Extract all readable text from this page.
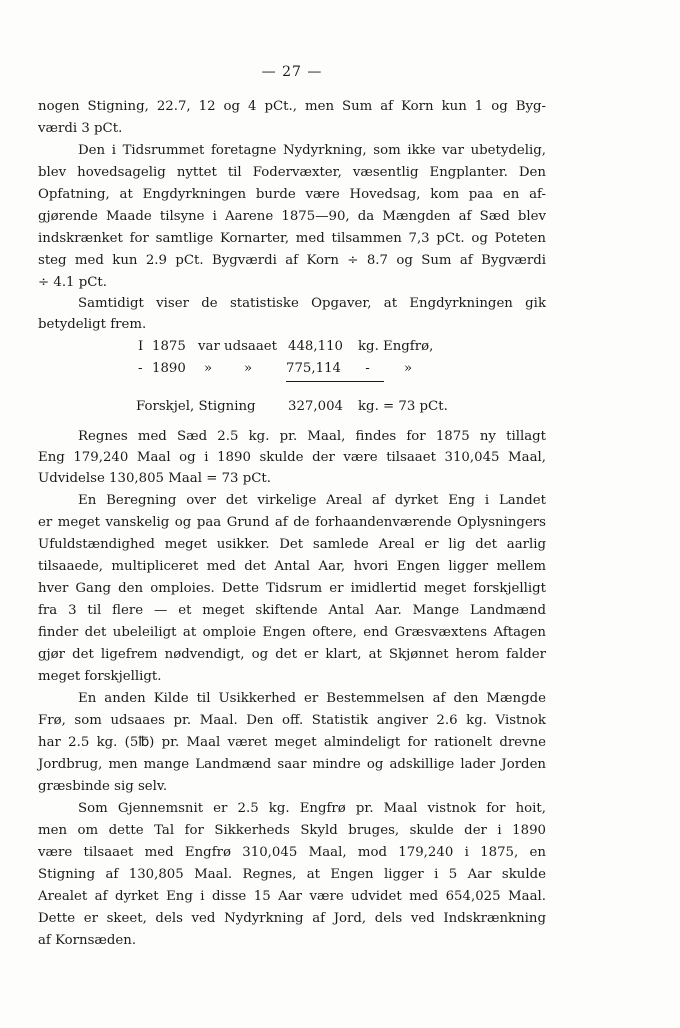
— 27 —
nogen Stigning, 22.7, 12 og 4 pCt., men Sum af Korn kun 1 og Byg-
værdi 3 pCt.
Den i Tidsrummet foretagne Nydyrkning, som ikke var ubetydelig,
blev hovedsagelig nyttet til Fodervæxter, væsentlig Engplanter. Den
Opfatning, at Engdyrkningen burde være Hovedsag, kom paa en af-
gjørende Maade tilsyne i Aarene 1875—90, da Mængden af Sæd blev
indskrænket for samtlige Kornarter, med tilsammen 7,3 pCt. og Poteten
steg med kun 2.9 pCt. Bygværdi af Korn ÷ 8.7 og Sum af Bygværdi
÷ 4.1 pCt.
Samtidigt viser de statistiske Opgaver, at Engdyrkningen gik
betydeligt frem.
I 1875 var udsaaet 448,110 kg. Engfrø,
- 1890 » »	775,114 -	»
Forskjel, Stigning 327,004 kg. = 73 pCt.
Regnes med Sæd 2.5 kg. pr. Maal, findes for 1875 ny tillagt
Eng 179,240 Maal og i 1890 skulde der være tilsaaet 310,045 Maal,
Udvidelse 130,805 Maal = 73 pCt.
En Beregning over det virkelige Areal af dyrket Eng i Landet
er meget vanskelig og paa Grund af de forhaandenværende Oplysningers
Ufuldstændighed meget usikker. Det samlede Areal er lig det aarlig
tilsaaede, multipliceret med det Antal Aar, hvori Engen ligger mellem
hver Gang den omploies. Dette Tidsrum er imidlertid meget forskjelligt
fra 3 til flere — et meget skiftende Antal Aar. Mange Landmænd
finder det ubeleiligt at omploie Engen oftere, end Græsvæxtens Aftagen
gjør det ligefrem nødvendigt, og det er klart, at Skjønnet herom falder
meget forskjelligt.
En anden Kilde til Usikkerhed er Bestemmelsen af den Mængde
Frø, som udsaaes pr. Maal. Den off. Statistik angiver 2.6 kg. Vistnok
har 2.5 kg. (5℔) pr. Maal været meget almindeligt for rationelt drevne
Jordbrug, men mange Landmænd saar mindre og adskillige lader Jorden
græsbinde sig selv.
Som Gjennemsnit er 2.5 kg. Engfrø pr. Maal vistnok for hoit,
men om dette Tal for Sikkerheds Skyld bruges, skulde der i 1890
være tilsaaet med Engfrø 310,045 Maal, mod 179,240 i 1875, en
Stigning af 130,805 Maal. Regnes, at Engen ligger i 5 Aar skulde
Arealet af dyrket Eng i disse 15 Aar være udvidet med 654,025 Maal.
Dette er skeet, dels ved Nydyrkning af Jord, dels ved Indskrænkning
af Kornsæden.
